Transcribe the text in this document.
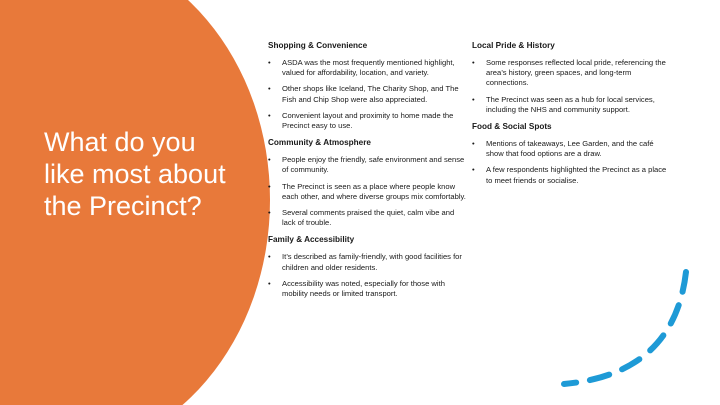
What do you like most about the Precinct?
Shopping & Convenience
• ASDA was the most frequently mentioned highlight, valued for affordability, location, and variety.
• Other shops like Iceland, The Charity Shop, and The Fish and Chip Shop were also appreciated.
• Convenient layout and proximity to home made the Precinct easy to use.
Community & Atmosphere
• People enjoy the friendly, safe environment and sense of community.
• The Precinct is seen as a place where people know each other, and where diverse groups mix comfortably.
• Several comments praised the quiet, calm vibe and lack of trouble.
Family & Accessibility
• It’s described as family-friendly, with good facilities for children and older residents.
• Accessibility was noted, especially for those with mobility needs or limited transport.
Local Pride & History
• Some responses reflected local pride, referencing the area’s history, green spaces, and long-term connections.
• The Precinct was seen as a hub for local services, including the NHS and community support.
Food & Social Spots
• Mentions of takeaways, Lee Garden, and the café show that food options are a draw.
• A few respondents highlighted the Precinct as a place to meet friends or socialise.
